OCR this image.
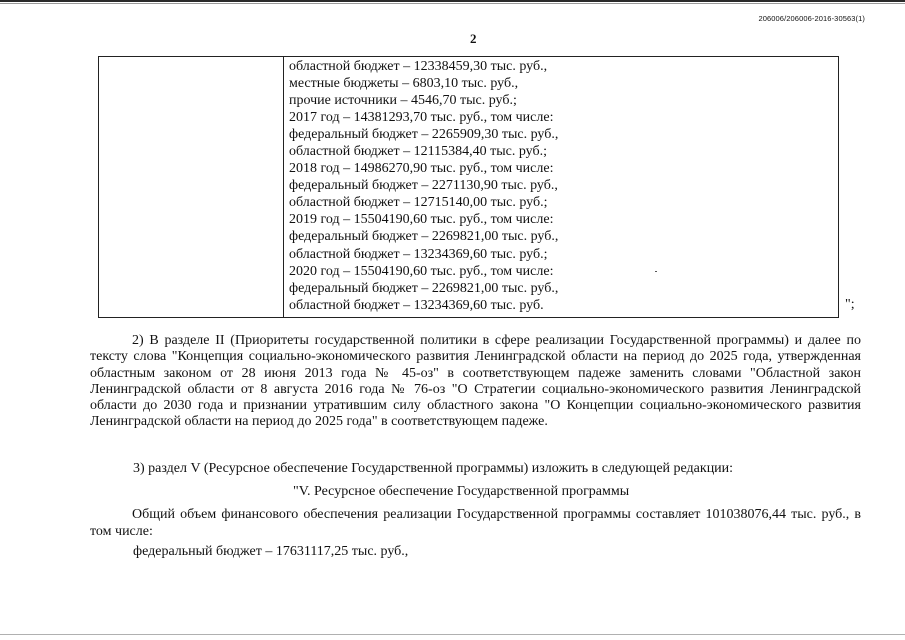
206006/206006-2016-30563(1)
2
областной бюджет – 12338459,30 тыс. руб.,
местные бюджеты – 6803,10 тыс. руб.,
прочие источники – 4546,70 тыс. руб.;
2017 год – 14381293,70 тыс. руб., том числе:
федеральный бюджет – 2265909,30 тыс. руб.,
областной бюджет – 12115384,40 тыс. руб.;
2018 год – 14986270,90 тыс. руб., том числе:
федеральный бюджет – 2271130,90 тыс. руб.,
областной бюджет – 12715140,00 тыс. руб.;
2019 год – 15504190,60 тыс. руб., том числе:
федеральный бюджет – 2269821,00 тыс. руб.,
областной бюджет – 13234369,60 тыс. руб.;
2020 год – 15504190,60 тыс. руб., том числе:
федеральный бюджет – 2269821,00 тыс. руб.,
областной бюджет – 13234369,60 тыс. руб.	";
2) В разделе II (Приоритеты государственной политики в сфере реализации Государственной программы) и далее по тексту слова "Концепция социально-экономического развития Ленинградской области на период до 2025 года, утвержденная областным законом от 28 июня 2013 года № 45-оз" в соответствующем падеже заменить словами "Областной закон Ленинградской области от 8 августа 2016 года № 76-оз "О Стратегии социально-экономического развития Ленинградской области до 2030 года и признании утратившим силу областного закона "О Концепции социально-экономического развития Ленинградской области на период до 2025 года" в соответствующем падеже.
3) раздел V (Ресурсное обеспечение Государственной программы) изложить в следующей редакции:
"V. Ресурсное обеспечение Государственной программы
Общий объем финансового обеспечения реализации Государственной программы составляет 101038076,44 тыс. руб., в том числе:
федеральный бюджет – 17631117,25 тыс. руб.,
